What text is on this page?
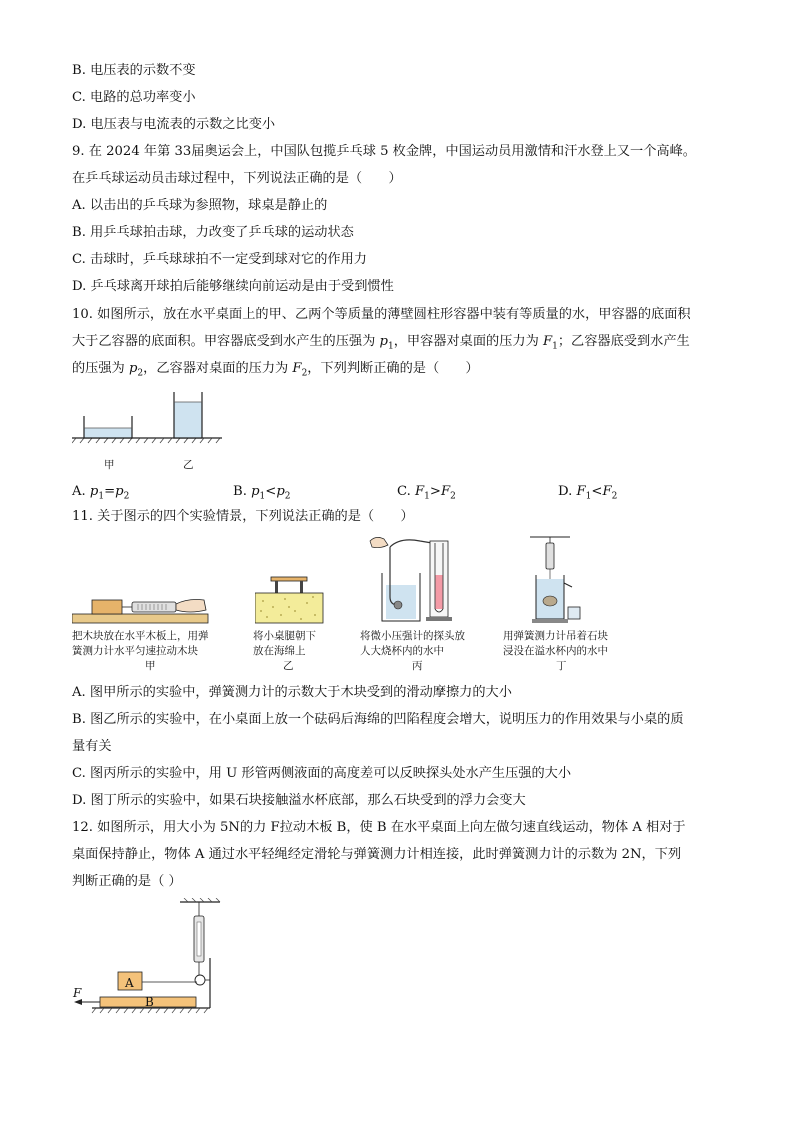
B. 电压表的示数不变
C. 电路的总功率变小
D. 电压表与电流表的示数之比变小
9. 在 2024 年第 33届奥运会上，中国队包揽乒乓球 5 枚金牌，中国运动员用激情和汗水登上又一个高峰。
在乒乓球运动员击球过程中，下列说法正确的是（　　）
A. 以击出的乒乓球为参照物，球桌是静止的
B. 用乒乓球拍击球，力改变了乒乓球的运动状态
C. 击球时，乒乓球球拍不一定受到球对它的作用力
D. 乒乓球离开球拍后能够继续向前运动是由于受到惯性
10. 如图所示，放在水平桌面上的甲、乙两个等质量的薄壁圆柱形容器中装有等质量的水，甲容器的底面积
大于乙容器的底面积。甲容器底受到水产生的压强为 $p_1$，甲容器对桌面的压力为 $F_1$；乙容器底受到水产生
的压强为 $p_2$，乙容器对桌面的压力为 $F_2$，下列判断正确的是（　　）
甲	乙
A. $p_1=p_2$	B. $p_1<p_2$	C. $F_1>F_2$	D. $F_1<F_2$
11. 关于图示的四个实验情景，下列说法正确的是（　　）
把木块放在水平木板上，用弹
簧测力计水平匀速拉动木块
甲
将小桌腿朝下
放在海绵上
乙
将微小压强计的探头放
人大烧杯内的水中
丙
用弹簧测力计吊着石块
浸没在溢水杯内的水中
丁
A. 图甲所示的实验中，弹簧测力计的示数大于木块受到的滑动摩擦力的大小
B. 图乙所示的实验中，在小桌面上放一个砝码后海绵的凹陷程度会增大，说明压力的作用效果与小桌的质
量有关
C. 图丙所示的实验中，用 U 形管两侧液面的高度差可以反映探头处水产生压强的大小
D. 图丁所示的实验中，如果石块接触溢水杯底部，那么石块受到的浮力会变大
12. 如图所示，用大小为 5N的力 F拉动木板 B，使 B 在水平桌面上向左做匀速直线运动，物体 A 相对于
桌面保持静止，物体 A 通过水平轻绳经定滑轮与弹簧测力计相连接，此时弹簧测力计的示数为 2N，下列
判断正确的是（ ）
A
B
F
